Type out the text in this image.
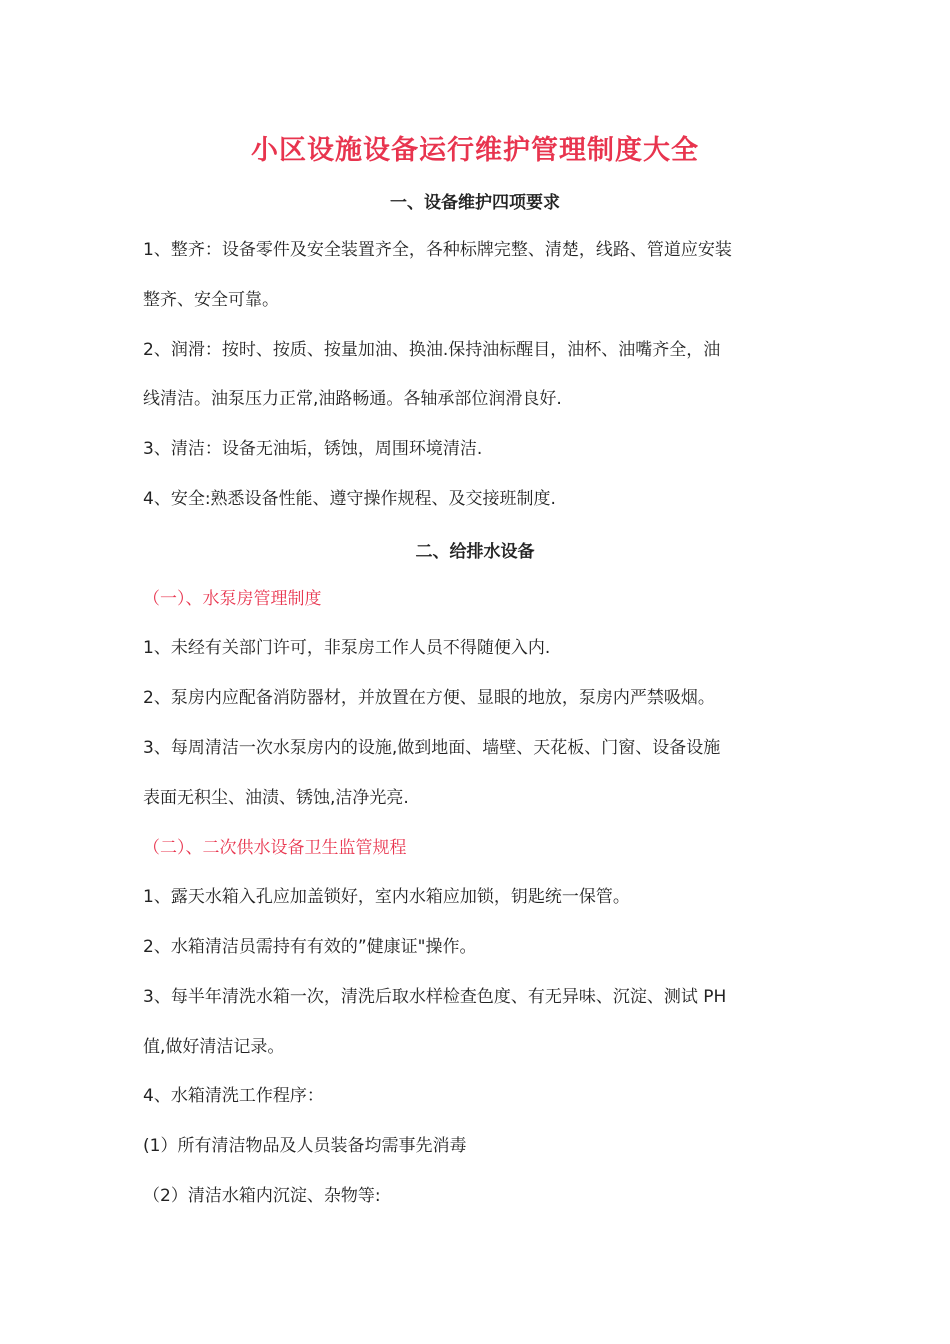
小区设施设备运行维护管理制度大全
一、设备维护四项要求
1、整齐：设备零件及安全装置齐全，各种标牌完整、清楚，线路、管道应安装
整齐、安全可靠。
2、润滑：按时、按质、按量加油、换油.保持油标醒目，油杯、油嘴齐全，油
线清洁。油泵压力正常,油路畅通。各轴承部位润滑良好.
3、清洁：设备无油垢，锈蚀，周围环境清洁.
4、安全:熟悉设备性能、遵守操作规程、及交接班制度.
二、给排水设备
（一）、水泵房管理制度
1、未经有关部门许可，非泵房工作人员不得随便入内.
2、泵房内应配备消防器材，并放置在方便、显眼的地放，泵房内严禁吸烟。
3、每周清洁一次水泵房内的设施,做到地面、墙壁、天花板、门窗、设备设施
表面无积尘、油渍、锈蚀,洁净光亮.
（二）、二次供水设备卫生监管规程
1、露天水箱入孔应加盖锁好，室内水箱应加锁，钥匙统一保管。
2、水箱清洁员需持有有效的”健康证"操作。
3、每半年清洗水箱一次，清洗后取水样检查色度、有无异味、沉淀、测试 PH
值,做好清洁记录。
4、水箱清洗工作程序：
(1）所有清洁物品及人员装备均需事先消毒
（2）清洁水箱内沉淀、杂物等:
